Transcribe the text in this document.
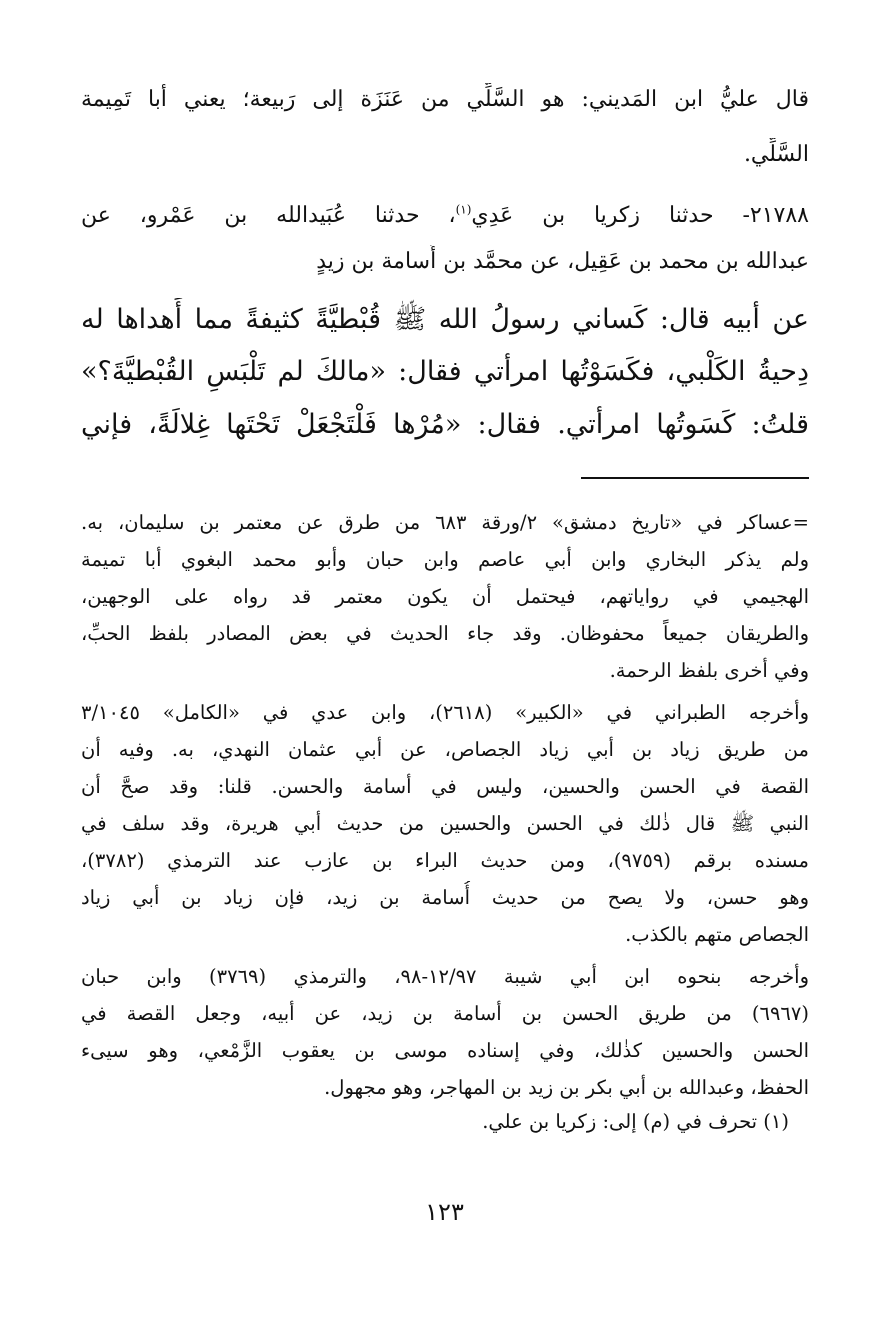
قال عليُّ ابن المَديني: هو السَّلِّي من عَنَزَة إلى رَبيعة؛ يعني أبا تَمِيمة
السَّلِّي.
٢١٧٨٨- حدثنا زكريا بن عَدِي$^{(١)}$، حدثنا عُبَيدالله بن عَمْرو، عن
عبدالله بن محمد بن عَقِيل، عن محمَّد بن أُسامة بن زيدٍ
عن أبيه قال: كَساني رسولُ الله ﷺ قُبْطيَّةً كثيفةً مما أَهداها له
دِحيةُ الكَلْبي، فكَسَوْتُها امرأتي فقال: «مالكَ لم تَلْبَسِ القُبْطيَّةَ؟»
قلتُ: كَسَوتُها امرأتي. فقال: «مُرْها فَلْتَجْعَلْ تَحْتَها غِلالَةً، فإني
=عساكر في «تاريخ دمشق» ٢/ورقة ٦٨٣ من طرق عن معتمر بن سليمان، به.
ولم يذكر البخاري وابن أبي عاصم وابن حبان وأبو محمد البغوي أبا تميمة
الهجيمي في رواياتهم، فيحتمل أن يكون معتمر قد رواه على الوجهين،
والطريقان جميعاً محفوظان. وقد جاء الحديث في بعض المصادر بلفظ الحبِّ،
وفي أخرى بلفظ الرحمة.
وأخرجه الطبراني في «الكبير» (٢٦١٨)، وابن عدي في «الكامل» ٣/١٠٤٥
من طريق زياد بن أبي زياد الجصاص، عن أبي عثمان النهدي، به. وفيه أن
القصة في الحسن والحسين، وليس في أسامة والحسن. قلنا: وقد صحَّ أن
النبي ﷺ قال ذٰلك في الحسن والحسين من حديث أبي هريرة، وقد سلف في
مسنده برقم (٩٧٥٩)، ومن حديث البراء بن عازب عند الترمذي (٣٧٨٢)،
وهو حسن، ولا يصح من حديث أُسامة بن زيد، فإن زياد بن أبي زياد
الجصاص متهم بالكذب.
وأخرجه بنحوه ابن أبي شيبة ١٢/٩٧-٩٨، والترمذي (٣٧٦٩) وابن حبان
(٦٩٦٧) من طريق الحسن بن أسامة بن زيد، عن أبيه، وجعل القصة في
الحسن والحسين كذٰلك، وفي إسناده موسى بن يعقوب الزَّمْعي، وهو سيىء
الحفظ، وعبدالله بن أبي بكر بن زيد بن المهاجر، وهو مجهول.
(١) تحرف في (م) إلى: زكريا بن علي.
١٢٣
